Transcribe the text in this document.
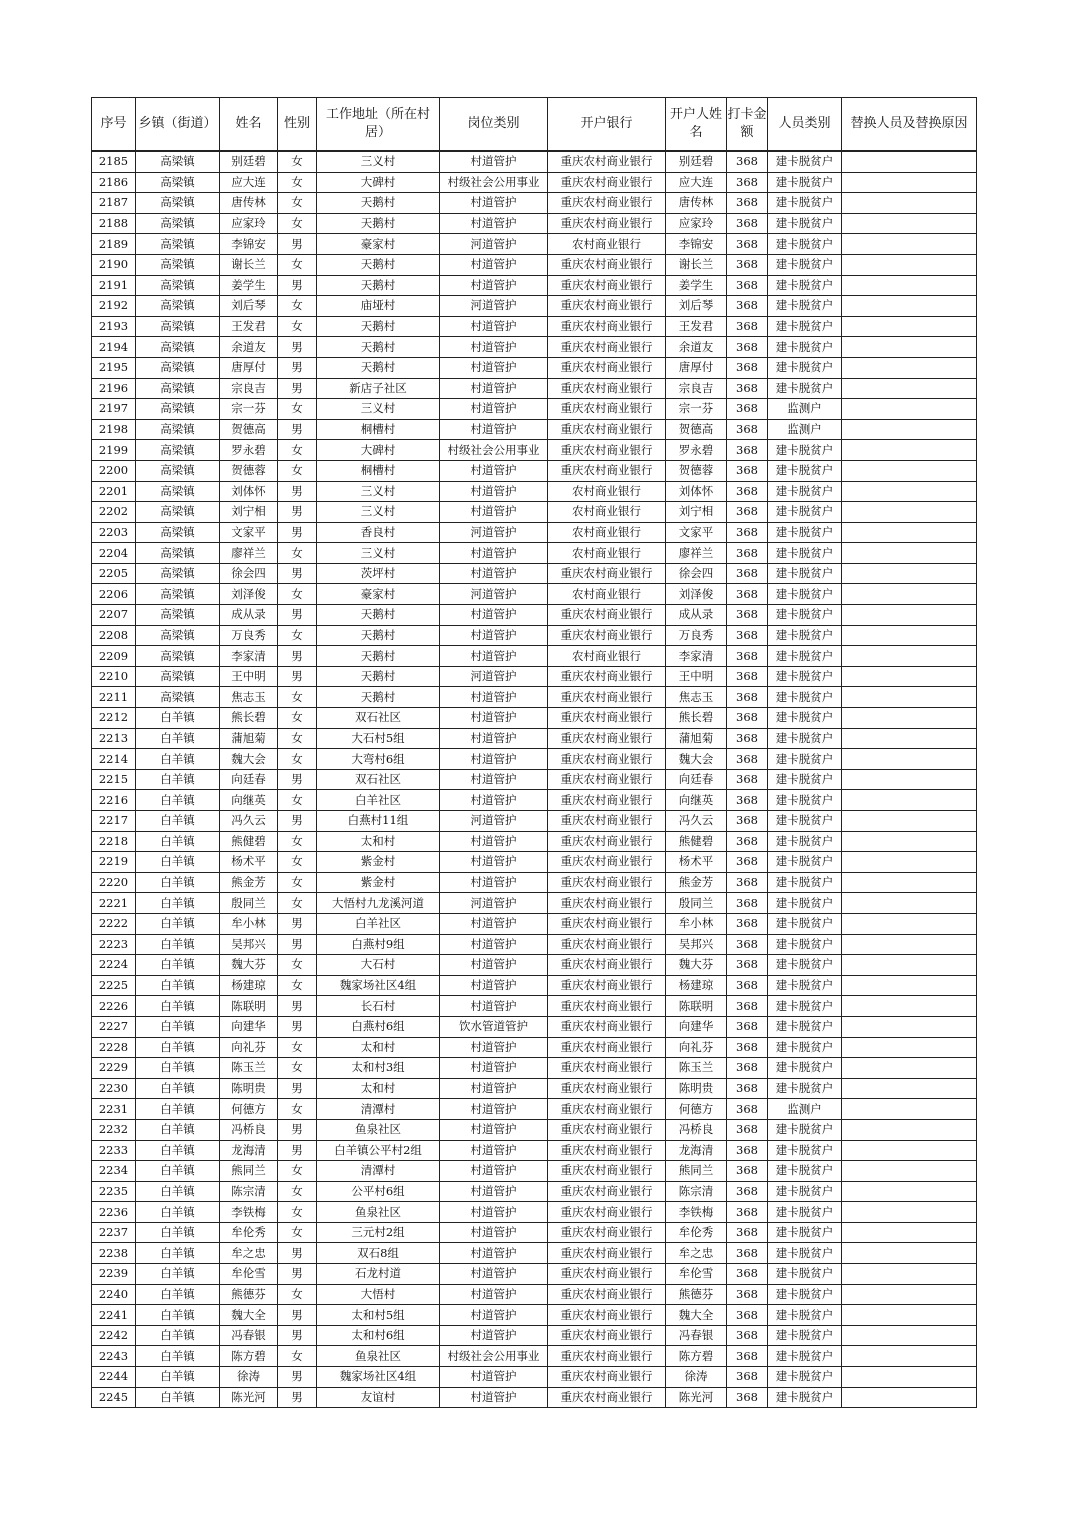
序号	乡镇（街道）	姓名	性别	工作地址（所在村居）	岗位类别	开户银行	开户人姓名	打卡金额	人员类别	替换人员及替换原因
2185	高梁镇	别廷碧	女	三义村	村道管护	重庆农村商业银行	别廷碧	368	建卡脱贫户	
2186	高梁镇	应大连	女	大碑村	村级社会公用事业	重庆农村商业银行	应大连	368	建卡脱贫户	
2187	高梁镇	唐传林	女	天鹅村	村道管护	重庆农村商业银行	唐传林	368	建卡脱贫户	
2188	高梁镇	应家玲	女	天鹅村	村道管护	重庆农村商业银行	应家玲	368	建卡脱贫户	
2189	高梁镇	李锦安	男	豪家村	河道管护	农村商业银行	李锦安	368	建卡脱贫户	
2190	高梁镇	谢长兰	女	天鹅村	村道管护	重庆农村商业银行	谢长兰	368	建卡脱贫户	
2191	高梁镇	姜学生	男	天鹅村	村道管护	重庆农村商业银行	姜学生	368	建卡脱贫户	
2192	高梁镇	刘后琴	女	庙垭村	河道管护	重庆农村商业银行	刘后琴	368	建卡脱贫户	
2193	高梁镇	王发君	女	天鹅村	村道管护	重庆农村商业银行	王发君	368	建卡脱贫户	
2194	高梁镇	余道友	男	天鹅村	村道管护	重庆农村商业银行	余道友	368	建卡脱贫户	
2195	高梁镇	唐厚付	男	天鹅村	村道管护	重庆农村商业银行	唐厚付	368	建卡脱贫户	
2196	高梁镇	宗良吉	男	新店子社区	村道管护	重庆农村商业银行	宗良吉	368	建卡脱贫户	
2197	高梁镇	宗一芬	女	三义村	村道管护	重庆农村商业银行	宗一芬	368	监测户	
2198	高梁镇	贺德高	男	桐槽村	村道管护	重庆农村商业银行	贺德高	368	监测户	
2199	高梁镇	罗永碧	女	大碑村	村级社会公用事业	重庆农村商业银行	罗永碧	368	建卡脱贫户	
2200	高梁镇	贺德蓉	女	桐槽村	村道管护	重庆农村商业银行	贺德蓉	368	建卡脱贫户	
2201	高梁镇	刘体怀	男	三义村	村道管护	农村商业银行	刘体怀	368	建卡脱贫户	
2202	高梁镇	刘宁相	男	三义村	村道管护	农村商业银行	刘宁相	368	建卡脱贫户	
2203	高梁镇	文家平	男	香良村	河道管护	农村商业银行	文家平	368	建卡脱贫户	
2204	高梁镇	廖祥兰	女	三义村	村道管护	农村商业银行	廖祥兰	368	建卡脱贫户	
2205	高梁镇	徐会四	男	茨坪村	村道管护	重庆农村商业银行	徐会四	368	建卡脱贫户	
2206	高梁镇	刘泽俊	女	豪家村	河道管护	农村商业银行	刘泽俊	368	建卡脱贫户	
2207	高梁镇	成从录	男	天鹅村	村道管护	重庆农村商业银行	成从录	368	建卡脱贫户	
2208	高梁镇	万良秀	女	天鹅村	村道管护	重庆农村商业银行	万良秀	368	建卡脱贫户	
2209	高梁镇	李家清	男	天鹅村	村道管护	农村商业银行	李家清	368	建卡脱贫户	
2210	高梁镇	王中明	男	天鹅村	河道管护	重庆农村商业银行	王中明	368	建卡脱贫户	
2211	高梁镇	焦志玉	女	天鹅村	村道管护	重庆农村商业银行	焦志玉	368	建卡脱贫户	
2212	白羊镇	熊长碧	女	双石社区	村道管护	重庆农村商业银行	熊长碧	368	建卡脱贫户	
2213	白羊镇	蒲旭菊	女	大石村5组	村道管护	重庆农村商业银行	蒲旭菊	368	建卡脱贫户	
2214	白羊镇	魏大会	女	大弯村6组	村道管护	重庆农村商业银行	魏大会	368	建卡脱贫户	
2215	白羊镇	向廷春	男	双石社区	村道管护	重庆农村商业银行	向廷春	368	建卡脱贫户	
2216	白羊镇	向继英	女	白羊社区	村道管护	重庆农村商业银行	向继英	368	建卡脱贫户	
2217	白羊镇	冯久云	男	白燕村11组	河道管护	重庆农村商业银行	冯久云	368	建卡脱贫户	
2218	白羊镇	熊健碧	女	太和村	村道管护	重庆农村商业银行	熊健碧	368	建卡脱贫户	
2219	白羊镇	杨术平	女	紫金村	村道管护	重庆农村商业银行	杨术平	368	建卡脱贫户	
2220	白羊镇	熊金芳	女	紫金村	村道管护	重庆农村商业银行	熊金芳	368	建卡脱贫户	
2221	白羊镇	殷同兰	女	大悟村九龙溪河道	河道管护	重庆农村商业银行	殷同兰	368	建卡脱贫户	
2222	白羊镇	牟小林	男	白羊社区	村道管护	重庆农村商业银行	牟小林	368	建卡脱贫户	
2223	白羊镇	吴邦兴	男	白燕村9组	村道管护	重庆农村商业银行	吴邦兴	368	建卡脱贫户	
2224	白羊镇	魏大芬	女	大石村	村道管护	重庆农村商业银行	魏大芬	368	建卡脱贫户	
2225	白羊镇	杨建琼	女	魏家场社区4组	村道管护	重庆农村商业银行	杨建琼	368	建卡脱贫户	
2226	白羊镇	陈联明	男	长石村	村道管护	重庆农村商业银行	陈联明	368	建卡脱贫户	
2227	白羊镇	向建华	男	白燕村6组	饮水管道管护	重庆农村商业银行	向建华	368	建卡脱贫户	
2228	白羊镇	向礼芬	女	太和村	村道管护	重庆农村商业银行	向礼芬	368	建卡脱贫户	
2229	白羊镇	陈玉兰	女	太和村3组	村道管护	重庆农村商业银行	陈玉兰	368	建卡脱贫户	
2230	白羊镇	陈明贵	男	太和村	村道管护	重庆农村商业银行	陈明贵	368	建卡脱贫户	
2231	白羊镇	何德方	女	清潭村	村道管护	重庆农村商业银行	何德方	368	监测户	
2232	白羊镇	冯桥良	男	鱼泉社区	村道管护	重庆农村商业银行	冯桥良	368	建卡脱贫户	
2233	白羊镇	龙海清	男	白羊镇公平村2组	村道管护	重庆农村商业银行	龙海清	368	建卡脱贫户	
2234	白羊镇	熊同兰	女	清潭村	村道管护	重庆农村商业银行	熊同兰	368	建卡脱贫户	
2235	白羊镇	陈宗清	女	公平村6组	村道管护	重庆农村商业银行	陈宗清	368	建卡脱贫户	
2236	白羊镇	李铁梅	女	鱼泉社区	村道管护	重庆农村商业银行	李铁梅	368	建卡脱贫户	
2237	白羊镇	牟伦秀	女	三元村2组	村道管护	重庆农村商业银行	牟伦秀	368	建卡脱贫户	
2238	白羊镇	牟之忠	男	双石8组	村道管护	重庆农村商业银行	牟之忠	368	建卡脱贫户	
2239	白羊镇	牟伦雪	男	石龙村道	村道管护	重庆农村商业银行	牟伦雪	368	建卡脱贫户	
2240	白羊镇	熊德芬	女	大悟村	村道管护	重庆农村商业银行	熊德芬	368	建卡脱贫户	
2241	白羊镇	魏大全	男	太和村5组	村道管护	重庆农村商业银行	魏大全	368	建卡脱贫户	
2242	白羊镇	冯春银	男	太和村6组	村道管护	重庆农村商业银行	冯春银	368	建卡脱贫户	
2243	白羊镇	陈方碧	女	鱼泉社区	村级社会公用事业	重庆农村商业银行	陈方碧	368	建卡脱贫户	
2244	白羊镇	徐涛	男	魏家场社区4组	村道管护	重庆农村商业银行	徐涛	368	建卡脱贫户	
2245	白羊镇	陈光河	男	友谊村	村道管护	重庆农村商业银行	陈光河	368	建卡脱贫户	
